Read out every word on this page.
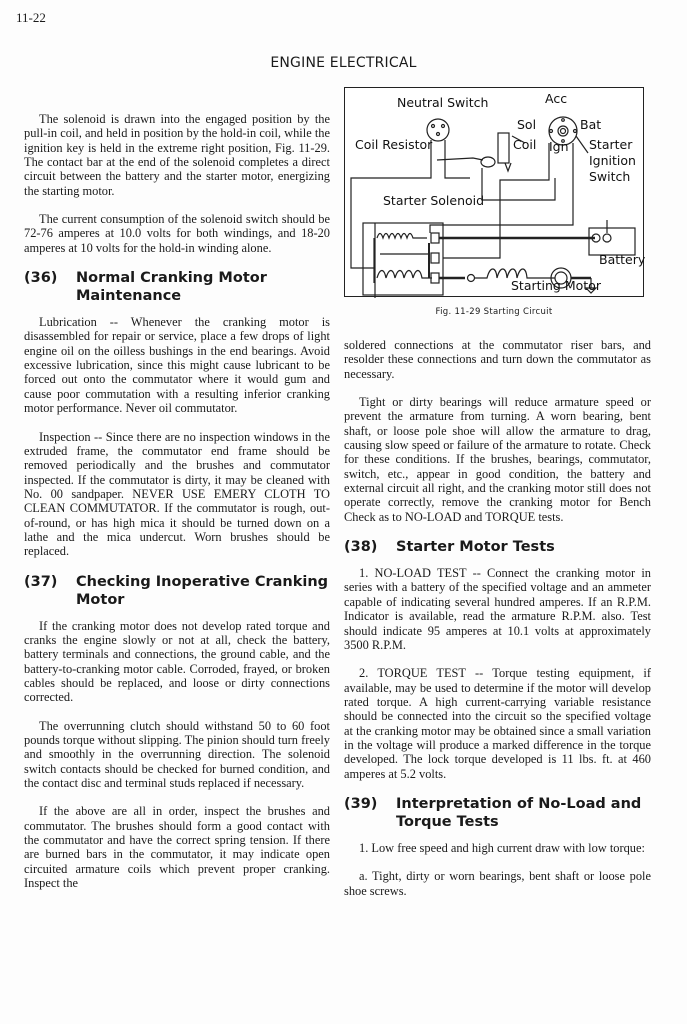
11-22
ENGINE ELECTRICAL
Neutral Switch	Acc
Sol	Bat
Coil Resistor	Coil Ign Starter
Ignition
Switch
Starter Solenoid
Battery
Starting Motor
Fig. 11-29 Starting Circuit

The solenoid is drawn into the engaged position by the pull-in coil, and held in position by the hold-in coil, while the ignition key is held in the extreme right position, Fig. 11-29. The contact bar at the end of the solenoid completes a direct circuit between the battery and the starter motor, energizing the starting motor.

The current consumption of the solenoid switch should be 72-76 amperes at 10.0 volts for both windings, and 18-20 amperes at 10 volts for the hold-in winding alone.

(36)	Normal Cranking Motor Maintenance

Lubrication -- Whenever the cranking motor is disassembled for repair or service, place a few drops of light engine oil on the oilless bushings in the end bearings. Avoid excessive lubrication, since this might cause lubricant to be forced out onto the commutator where it would gum and cause poor commutation with a resulting inferior cranking motor performance. Never oil commutator.

Inspection -- Since there are no inspection windows in the extruded frame, the commutator end frame should be removed periodically and the brushes and commutator inspected. If the commutator is dirty, it may be cleaned with No. 00 sandpaper. NEVER USE EMERY CLOTH TO CLEAN COMMUTATOR. If the commutator is rough, out-of-round, or has high mica it should be turned down on a lathe and the mica undercut. Worn brushes should be replaced.

(37)	Checking Inoperative Cranking Motor

If the cranking motor does not develop rated torque and cranks the engine slowly or not at all, check the battery, battery terminals and connections, the ground cable, and the battery-to-cranking motor cable. Corroded, frayed, or broken cables should be replaced, and loose or dirty connections corrected.

The overrunning clutch should withstand 50 to 60 foot pounds torque without slipping. The pinion should turn freely and smoothly in the overrunning direction. The solenoid switch contacts should be checked for burned condition, and the contact disc and terminal studs replaced if necessary.

If the above are all in order, inspect the brushes and commutator. The brushes should form a good contact with the commutator and have the correct spring tension. If there are burned bars in the commutator, it may indicate open circuited armature coils which prevent proper cranking. Inspect the

soldered connections at the commutator riser bars, and resolder these connections and turn down the commutator as necessary.

Tight or dirty bearings will reduce armature speed or prevent the armature from turning. A worn bearing, bent shaft, or loose pole shoe will allow the armature to drag, causing slow speed or failure of the armature to rotate. Check for these conditions. If the brushes, bearings, commutator, switch, etc., appear in good condition, the battery and external circuit all right, and the cranking motor still does not operate correctly, remove the cranking motor for Bench Check as to NO-LOAD and TORQUE tests.

(38)	Starter Motor Tests

1. NO-LOAD TEST -- Connect the cranking motor in series with a battery of the specified voltage and an ammeter capable of indicating several hundred amperes. If an R.P.M. Indicator is available, read the armature R.P.M. also. Test should indicate 95 amperes at 10.1 volts at approximately 3500 R.P.M.

2. TORQUE TEST -- Torque testing equipment, if available, may be used to determine if the motor will develop rated torque. A high current-carrying variable resistance should be connected into the circuit so the specified voltage at the cranking motor may be obtained since a small variation in the voltage will produce a marked difference in the torque developed. The lock torque developed is 11 lbs. ft. at 460 amperes at 5.2 volts.

(39)	Interpretation of No-Load and Torque Tests

1. Low free speed and high current draw with low torque:

a. Tight, dirty or worn bearings, bent shaft or loose pole shoe screws.
